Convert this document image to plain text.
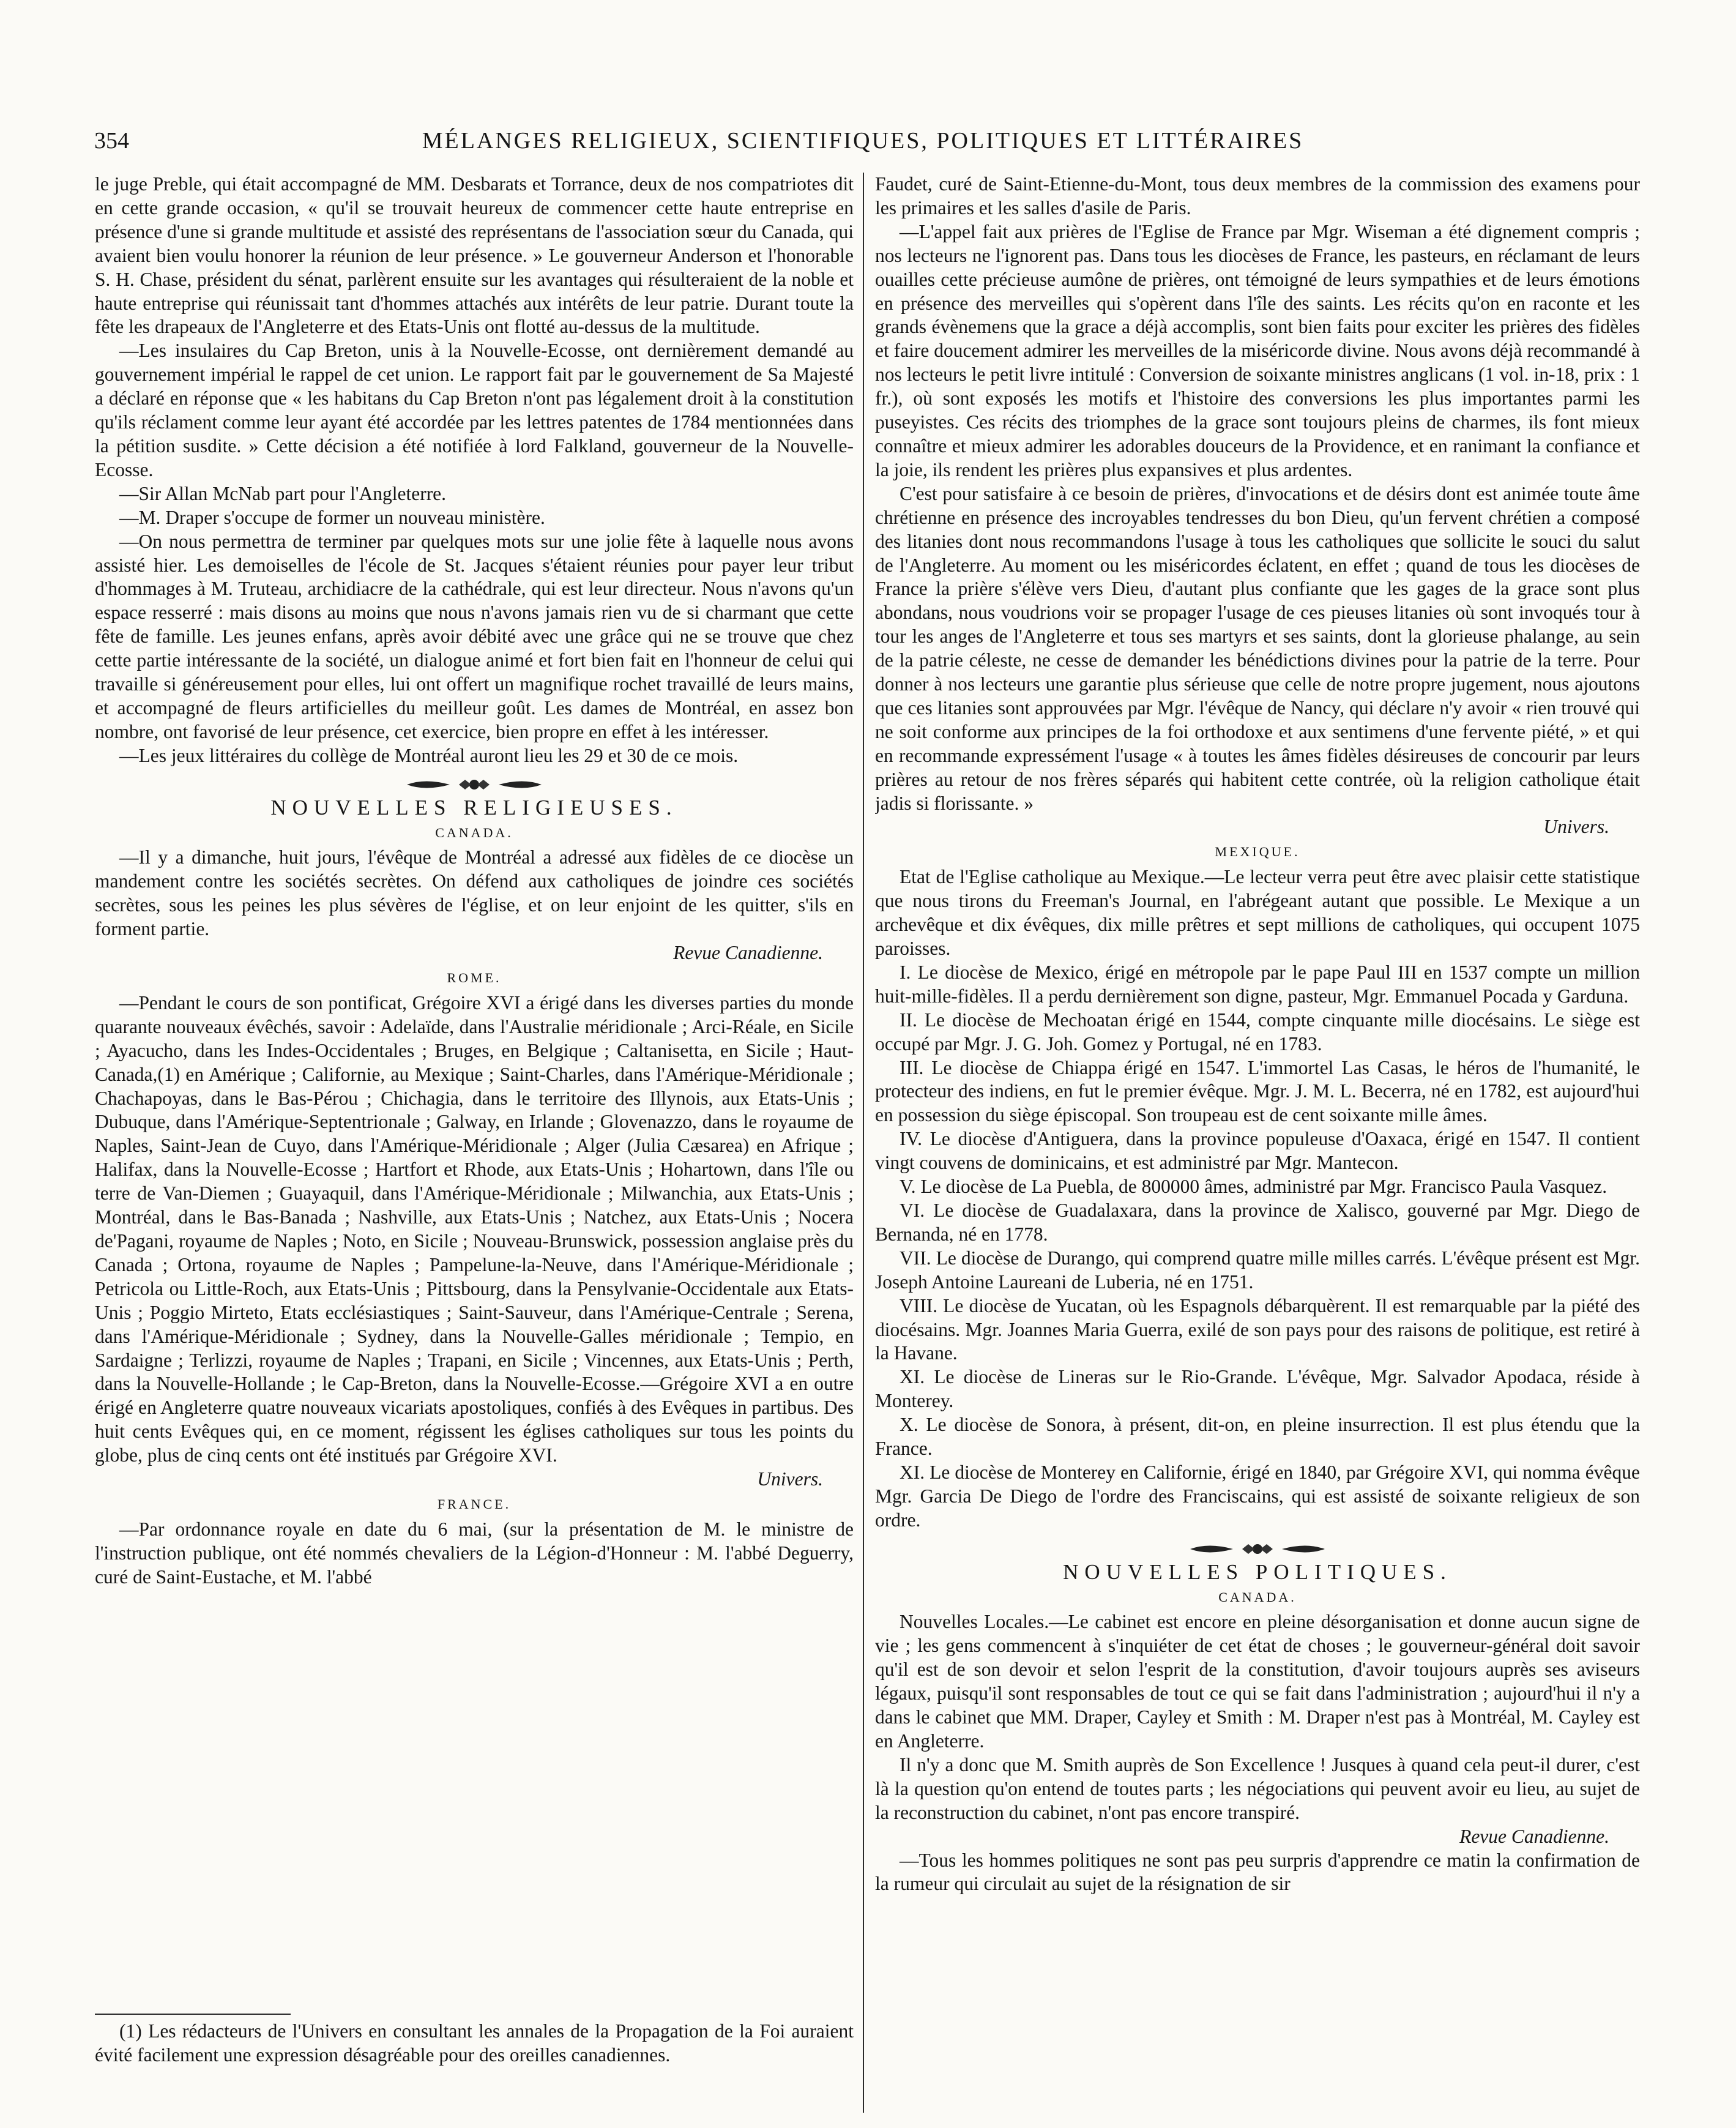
354	MÉLANGES RELIGIEUX, SCIENTIFIQUES, POLITIQUES ET LITTÉRAIRES

le juge Preble, qui était accompagné de MM. Desbarats et Torrance, deux de nos compatriotes dit en cette grande occasion, « qu'il se trouvait heureux de commencer cette haute entreprise en présence d'une si grande multitude et assisté des représentans de l'association sœur du Canada, qui avaient bien voulu honorer la réunion de leur présence. » Le gouverneur Anderson et l'honorable S. H. Chase, président du sénat, parlèrent ensuite sur les avantages qui résulteraient de la noble et haute entreprise qui réunissait tant d'hommes attachés aux intérêts de leur patrie. Durant toute la fête les drapeaux de l'Angleterre et des Etats-Unis ont flotté au-dessus de la multitude.

—Les insulaires du Cap Breton, unis à la Nouvelle-Ecosse, ont dernièrement demandé au gouvernement impérial le rappel de cet union. Le rapport fait par le gouvernement de Sa Majesté a déclaré en réponse que « les habitans du Cap Breton n'ont pas légalement droit à la constitution qu'ils réclament comme leur ayant été accordée par les lettres patentes de 1784 mentionnées dans la pétition susdite. » Cette décision a été notifiée à lord Falkland, gouverneur de la Nouvelle-Ecosse.

—Sir Allan McNab part pour l'Angleterre.

—M. Draper s'occupe de former un nouveau ministère.

—On nous permettra de terminer par quelques mots sur une jolie fête à laquelle nous avons assisté hier. Les demoiselles de l'école de St. Jacques s'étaient réunies pour payer leur tribut d'hommages à M. Truteau, archidiacre de la cathédrale, qui est leur directeur. Nous n'avons qu'un espace resserré : mais disons au moins que nous n'avons jamais rien vu de si charmant que cette fête de famille. Les jeunes enfans, après avoir débité avec une grâce qui ne se trouve que chez cette partie intéressante de la société, un dialogue animé et fort bien fait en l'honneur de celui qui travaille si généreusement pour elles, lui ont offert un magnifique rochet travaillé de leurs mains, et accompagné de fleurs artificielles du meilleur goût. Les dames de Montréal, en assez bon nombre, ont favorisé de leur présence, cet exercice, bien propre en effet à les intéresser.

—Les jeux littéraires du collège de Montréal auront lieu les 29 et 30 de ce mois.

NOUVELLES RELIGIEUSES.
CANADA.

—Il y a dimanche, huit jours, l'évêque de Montréal a adressé aux fidèles de ce diocèse un mandement contre les sociétés secrètes. On défend aux catholiques de joindre ces sociétés secrètes, sous les peines les plus sévères de l'église, et on leur enjoint de les quitter, s'ils en forment partie.

Revue Canadienne.
ROME.

—Pendant le cours de son pontificat, Grégoire XVI a érigé dans les diverses parties du monde quarante nouveaux évêchés, savoir : Adelaïde, dans l'Australie méridionale ; Arci-Réale, en Sicile ; Ayacucho, dans les Indes-Occidentales ; Bruges, en Belgique ; Caltanisetta, en Sicile ; Haut-Canada,(1) en Amérique ; Californie, au Mexique ; Saint-Charles, dans l'Amérique-Méridionale ; Chachapoyas, dans le Bas-Pérou ; Chichagia, dans le territoire des Illynois, aux Etats-Unis ; Dubuque, dans l'Amérique-Septentrionale ; Galway, en Irlande ; Glovenazzo, dans le royaume de Naples, Saint-Jean de Cuyo, dans l'Amérique-Méridionale ; Alger (Julia Cæsarea) en Afrique ; Halifax, dans la Nouvelle-Ecosse ; Hartfort et Rhode, aux Etats-Unis ; Hohartown, dans l'île ou terre de Van-Diemen ; Guayaquil, dans l'Amérique-Méridionale ; Milwanchia, aux Etats-Unis ; Montréal, dans le Bas-Banada ; Nashville, aux Etats-Unis ; Natchez, aux Etats-Unis ; Nocera de'Pagani, royaume de Naples ; Noto, en Sicile ; Nouveau-Brunswick, possession anglaise près du Canada ; Ortona, royaume de Naples ; Pampelune-la-Neuve, dans l'Amérique-Méridionale ; Petricola ou Little-Roch, aux Etats-Unis ; Pittsbourg, dans la Pensylvanie-Occidentale aux Etats-Unis ; Poggio Mirteto, Etats ecclésiastiques ; Saint-Sauveur, dans l'Amérique-Centrale ; Serena, dans l'Amérique-Méridionale ; Sydney, dans la Nouvelle-Galles méridionale ; Tempio, en Sardaigne ; Terlizzi, royaume de Naples ; Trapani, en Sicile ; Vincennes, aux Etats-Unis ; Perth, dans la Nouvelle-Hollande ; le Cap-Breton, dans la Nouvelle-Ecosse.—Grégoire XVI a en outre érigé en Angleterre quatre nouveaux vicariats apostoliques, confiés à des Evêques in partibus. Des huit cents Evêques qui, en ce moment, régissent les églises catholiques sur tous les points du globe, plus de cinq cents ont été institués par Grégoire XVI.

Univers.
FRANCE.

—Par ordonnance royale en date du 6 mai, (sur la présentation de M. le ministre de l'instruction publique, ont été nommés chevaliers de la Légion-d'Honneur : M. l'abbé Deguerry, curé de Saint-Eustache, et M. l'abbé

(1) Les rédacteurs de l'Univers en consultant les annales de la Propagation de la Foi auraient évité facilement une expression désagréable pour des oreilles canadiennes.

Faudet, curé de Saint-Etienne-du-Mont, tous deux membres de la commission des examens pour les primaires et les salles d'asile de Paris.

—L'appel fait aux prières de l'Eglise de France par Mgr. Wiseman a été dignement compris ; nos lecteurs ne l'ignorent pas. Dans tous les diocèses de France, les pasteurs, en réclamant de leurs ouailles cette précieuse aumône de prières, ont témoigné de leurs sympathies et de leurs émotions en présence des merveilles qui s'opèrent dans l'île des saints. Les récits qu'on en raconte et les grands évènemens que la grace a déjà accomplis, sont bien faits pour exciter les prières des fidèles et faire doucement admirer les merveilles de la miséricorde divine. Nous avons déjà recommandé à nos lecteurs le petit livre intitulé : Conversion de soixante ministres anglicans (1 vol. in-18, prix : 1 fr.), où sont exposés les motifs et l'histoire des conversions les plus importantes parmi les puseyistes. Ces récits des triomphes de la grace sont toujours pleins de charmes, ils font mieux connaître et mieux admirer les adorables douceurs de la Providence, et en ranimant la confiance et la joie, ils rendent les prières plus expansives et plus ardentes.

C'est pour satisfaire à ce besoin de prières, d'invocations et de désirs dont est animée toute âme chrétienne en présence des incroyables tendresses du bon Dieu, qu'un fervent chrétien a composé des litanies dont nous recommandons l'usage à tous les catholiques que sollicite le souci du salut de l'Angleterre. Au moment ou les miséricordes éclatent, en effet ; quand de tous les diocèses de France la prière s'élève vers Dieu, d'autant plus confiante que les gages de la grace sont plus abondans, nous voudrions voir se propager l'usage de ces pieuses litanies où sont invoqués tour à tour les anges de l'Angleterre et tous ses martyrs et ses saints, dont la glorieuse phalange, au sein de la patrie céleste, ne cesse de demander les bénédictions divines pour la patrie de la terre. Pour donner à nos lecteurs une garantie plus sérieuse que celle de notre propre jugement, nous ajoutons que ces litanies sont approuvées par Mgr. l'évêque de Nancy, qui déclare n'y avoir « rien trouvé qui ne soit conforme aux principes de la foi orthodoxe et aux sentimens d'une fervente piété, » et qui en recommande expressément l'usage « à toutes les âmes fidèles désireuses de concourir par leurs prières au retour de nos frères séparés qui habitent cette contrée, où la religion catholique était jadis si florissante. »

Univers.
MEXIQUE.

Etat de l'Eglise catholique au Mexique.—Le lecteur verra peut être avec plaisir cette statistique que nous tirons du Freeman's Journal, en l'abrégeant autant que possible. Le Mexique a un archevêque et dix évêques, dix mille prêtres et sept millions de catholiques, qui occupent 1075 paroisses.

I. Le diocèse de Mexico, érigé en métropole par le pape Paul III en 1537 compte un million huit-mille-fidèles. Il a perdu dernièrement son digne, pasteur, Mgr. Emmanuel Pocada y Garduna.

II. Le diocèse de Mechoatan érigé en 1544, compte cinquante mille diocésains. Le siège est occupé par Mgr. J. G. Joh. Gomez y Portugal, né en 1783.

III. Le diocèse de Chiappa érigé en 1547. L'immortel Las Casas, le héros de l'humanité, le protecteur des indiens, en fut le premier évêque. Mgr. J. M. L. Becerra, né en 1782, est aujourd'hui en possession du siège épiscopal. Son troupeau est de cent soixante mille âmes.

IV. Le diocèse d'Antiguera, dans la province populeuse d'Oaxaca, érigé en 1547. Il contient vingt couvens de dominicains, et est administré par Mgr. Mantecon.

V. Le diocèse de La Puebla, de 800000 âmes, administré par Mgr. Francisco Paula Vasquez.

VI. Le diocèse de Guadalaxara, dans la province de Xalisco, gouverné par Mgr. Diego de Bernanda, né en 1778.

VII. Le diocèse de Durango, qui comprend quatre mille milles carrés. L'évêque présent est Mgr. Joseph Antoine Laureani de Luberia, né en 1751.

VIII. Le diocèse de Yucatan, où les Espagnols débarquèrent. Il est remarquable par la piété des diocésains. Mgr. Joannes Maria Guerra, exilé de son pays pour des raisons de politique, est retiré à la Havane.

XI. Le diocèse de Lineras sur le Rio-Grande. L'évêque, Mgr. Salvador Apodaca, réside à Monterey.

X. Le diocèse de Sonora, à présent, dit-on, en pleine insurrection. Il est plus étendu que la France.

XI. Le diocèse de Monterey en Californie, érigé en 1840, par Grégoire XVI, qui nomma évêque Mgr. Garcia De Diego de l'ordre des Franciscains, qui est assisté de soixante religieux de son ordre.

NOUVELLES POLITIQUES.
CANADA.

Nouvelles Locales.—Le cabinet est encore en pleine désorganisation et donne aucun signe de vie ; les gens commencent à s'inquiéter de cet état de choses ; le gouverneur-général doit savoir qu'il est de son devoir et selon l'esprit de la constitution, d'avoir toujours auprès ses aviseurs légaux, puisqu'il sont responsables de tout ce qui se fait dans l'administration ; aujourd'hui il n'y a dans le cabinet que MM. Draper, Cayley et Smith : M. Draper n'est pas à Montréal, M. Cayley est en Angleterre.

Il n'y a donc que M. Smith auprès de Son Excellence ! Jusques à quand cela peut-il durer, c'est là la question qu'on entend de toutes parts ; les négociations qui peuvent avoir eu lieu, au sujet de la reconstruction du cabinet, n'ont pas encore transpiré.

Revue Canadienne.

—Tous les hommes politiques ne sont pas peu surpris d'apprendre ce matin la confirmation de la rumeur qui circulait au sujet de la résignation de sir
